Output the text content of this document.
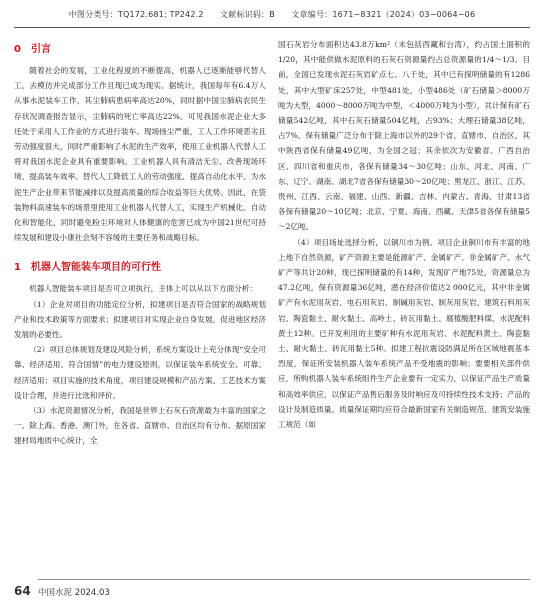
中图分类号：TQ172.681; TP242.2　　文献标识码：B　　文章编号：1671−8321（2024）03−0064−06
0 引言

随着社会的发展，工业化程度的不断提高，机器人已逐渐能够代替人工，去模仿并完成部分工作且现已成为现实。据统计，我国每年有6.4万人从事水泥装车工作，其尘肺病患病率高达20%，同时据中国尘肺病农民生存状况调查报告显示，尘肺病的死亡率高达22%。可见我国水泥企业大多还处于采用人工作业的方式进行装车、现场扬尘严重，工人工作环境恶劣且劳动强度很大，同时严重影响了水泥的生产效率，使用工业机器人代替人工将对我国水泥企业具有重要影响。工业机器人具有清洁无尘、改善现场环境、提高装车效率、替代人工降低工人的劳动强度、提高自动化水平、为水泥生产企业带来节能减排以及提高质量的综合收益等巨大优势。因此，在袋装物料高速装车的场景里使用工业机器人代替人工，实现生产机械化、自动化和智能化，同时避免粉尘环境对人体健康的危害已成为中国21世纪可持续发展和建设小康社会刻不容缓的主要任务和战略目标。

1 机器人智能装车项目的可行性

机器人智能装车项目是否可立项执行，主体上可以从以下方面分析：

（1）企业对项目的功能定位分析，拟建项目是否符合国家的战略规划产业和技术政策等方面要求；拟建项目对实现企业自身发展，促进地区经济发展的必要性。

（2）项目总体规划及建设风险分析，系统方案设计上充分体现“安全可靠、经济适用、符合国情”的电力建设原则，以保证装车系统安全、可靠、经济适用；项目实施的技术角度，项目建设规模和产品方案、工艺技术方案设计合理，并进行比选和评价。

（3）水泥资源情况分析，我国是世界上石灰石资源最为丰富的国家之一。除上海、香港、澳门外，在各省、直辖市、自治区均有分布。据原国家建材局地质中心统计，全

国石灰岩分布面积达43.8万km²（未包括西藏和台湾），约占国土面积的1/20，其中能供做水泥原料的石灰石资源量约占总资源量的1/4～1/3。目前，全国已发现水泥石灰岩矿点七、八千处，其中已有探明储量的有1286处，其中大型矿床257处，中型481处，小型486处（矿石储量＞8000万吨为大型，4000～8000万吨为中型，＜4000万吨为小型），共计保有矿石储量542亿吨，其中石灰石储量504亿吨，占93%；大理石储量38亿吨，占7%。保有储量广泛分布于除上海市以外的29个省、直辖市、自治区，其中陕西省保有储量49亿吨，为全国之冠；其余依次为安徽省、广西自治区、四川省和重庆市，各保有储量34～30亿吨；山东、河北、河南、广东、辽宁、湖南、湖北7省各保有储量30～20亿吨；黑龙江、浙江、江苏、贵州、江西、云南、福建、山西、新疆、吉林、内蒙古、青海、甘肃13省各保有储量20～10亿吨；北京、宁夏、海南、西藏、天津5省各保有储量5～2亿吨。

（4）项目场址选择分析，以铜川市为例。项目企业铜川市有丰富的地上地下自然资源，矿产资源主要是能源矿产、金属矿产、非金属矿产、水气矿产等共计20种，现已探明储量的有14种，发现矿产地75处，资源量总为47.2亿吨，保有资源量36亿吨，潜在经济价值达2 000亿元，其中非金属矿产有水泥用灰岩、电石用灰岩、制碱用灰岩、制灰用灰岩、建筑石料用灰岩、陶瓷黏土、耐火黏土、高岭土、砖瓦用黏土、腐植酸肥料煤、水泥配料黄土12种。已开发利用的主要矿种有水泥用灰岩、水泥配料黄土、陶瓷黏土、耐火黏土、砖瓦用黏土5种。拟建工程抗震设防满足所在区域地震基本烈度，保证所安装机器人装车系统产品不受地震的影响；要要相关部件供应，所购机器人装车系统组件生产企业要有一定实力，以保证产品生产质量和高效率供应，以保证产品售后服务及时响应及可持续性技术支持；产品的设计及制造质量、质量保证期均应符合最新国家有关制造规范、建筑安装施工规范（如

64 中国水泥 2024.03
